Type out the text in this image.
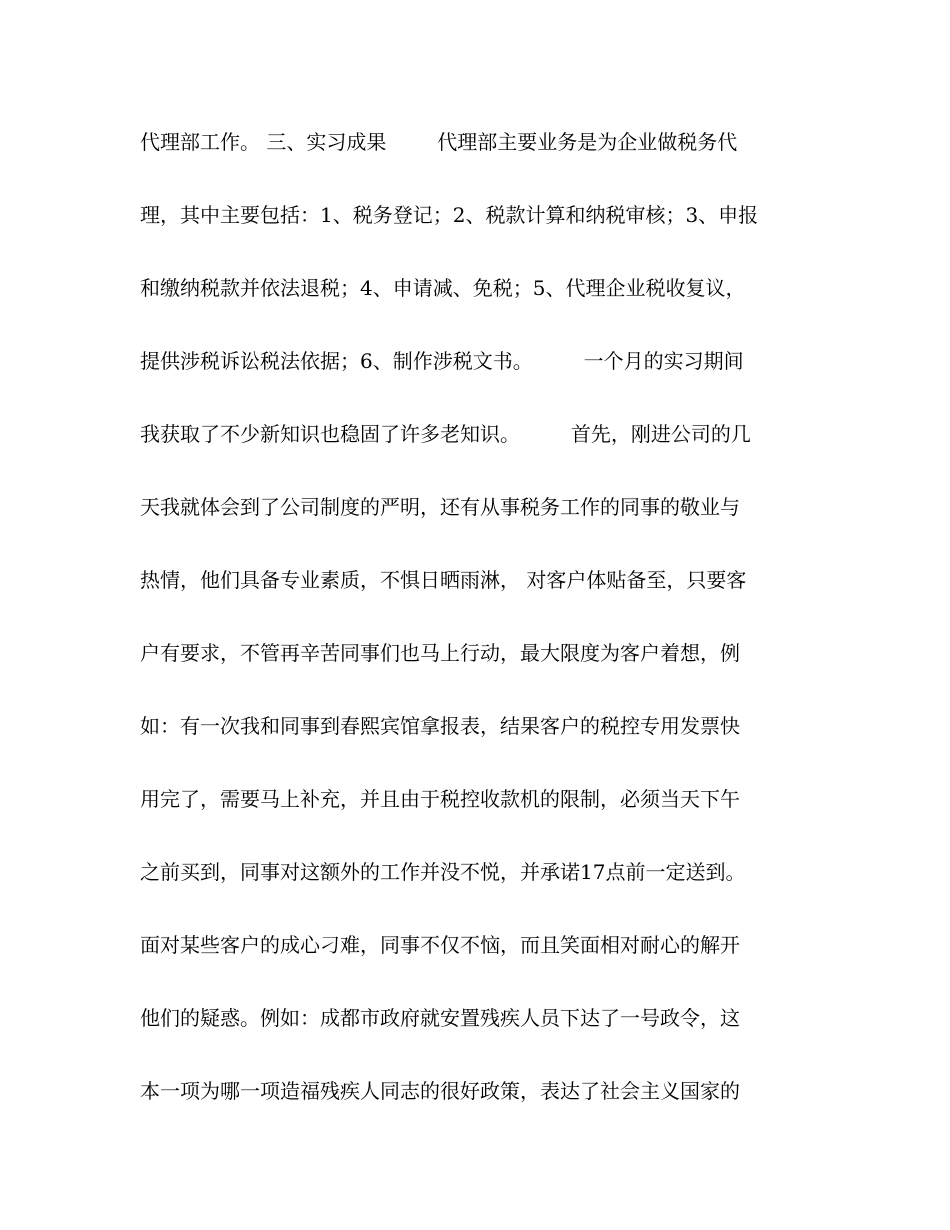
代理部工作。 三、实习成果        代理部主要业务是为企业做税务代
理，其中主要包括：1、税务登记；2、税款计算和纳税审核；3、申报
和缴纳税款并依法退税；4、申请减、免税；5、代理企业税收复议，
提供涉税诉讼税法依据；6、制作涉税文书。        一个月的实习期间
我获取了不少新知识也稳固了许多老知识。        首先，刚进公司的几
天我就体会到了公司制度的严明，还有从事税务工作的同事的敬业与
热情，他们具备专业素质，不惧日晒雨淋， 对客户体贴备至，只要客
户有要求，不管再辛苦同事们也马上行动，最大限度为客户着想，例
如：有一次我和同事到春熙宾馆拿报表，结果客户的税控专用发票快
用完了，需要马上补充，并且由于税控收款机的限制，必须当天下午
之前买到，同事对这额外的工作并没不悦，并承诺17点前一定送到。
面对某些客户的成心刁难，同事不仅不恼，而且笑面相对耐心的解开
他们的疑惑。例如：成都市政府就安置残疾人员下达了一号政令，这
本一项为哪一项造福残疾人同志的很好政策，表达了社会主义国家的
